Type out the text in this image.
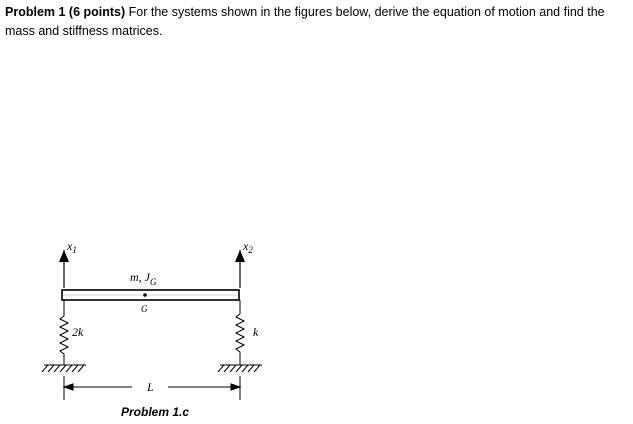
Problem 1 (6 points) For the systems shown in the figures below, derive the equation of motion and find the mass and stiffness matrices.

$x_1$	$x_2$
m, $J_G$
G
2k	k
L
Problem 1.c
